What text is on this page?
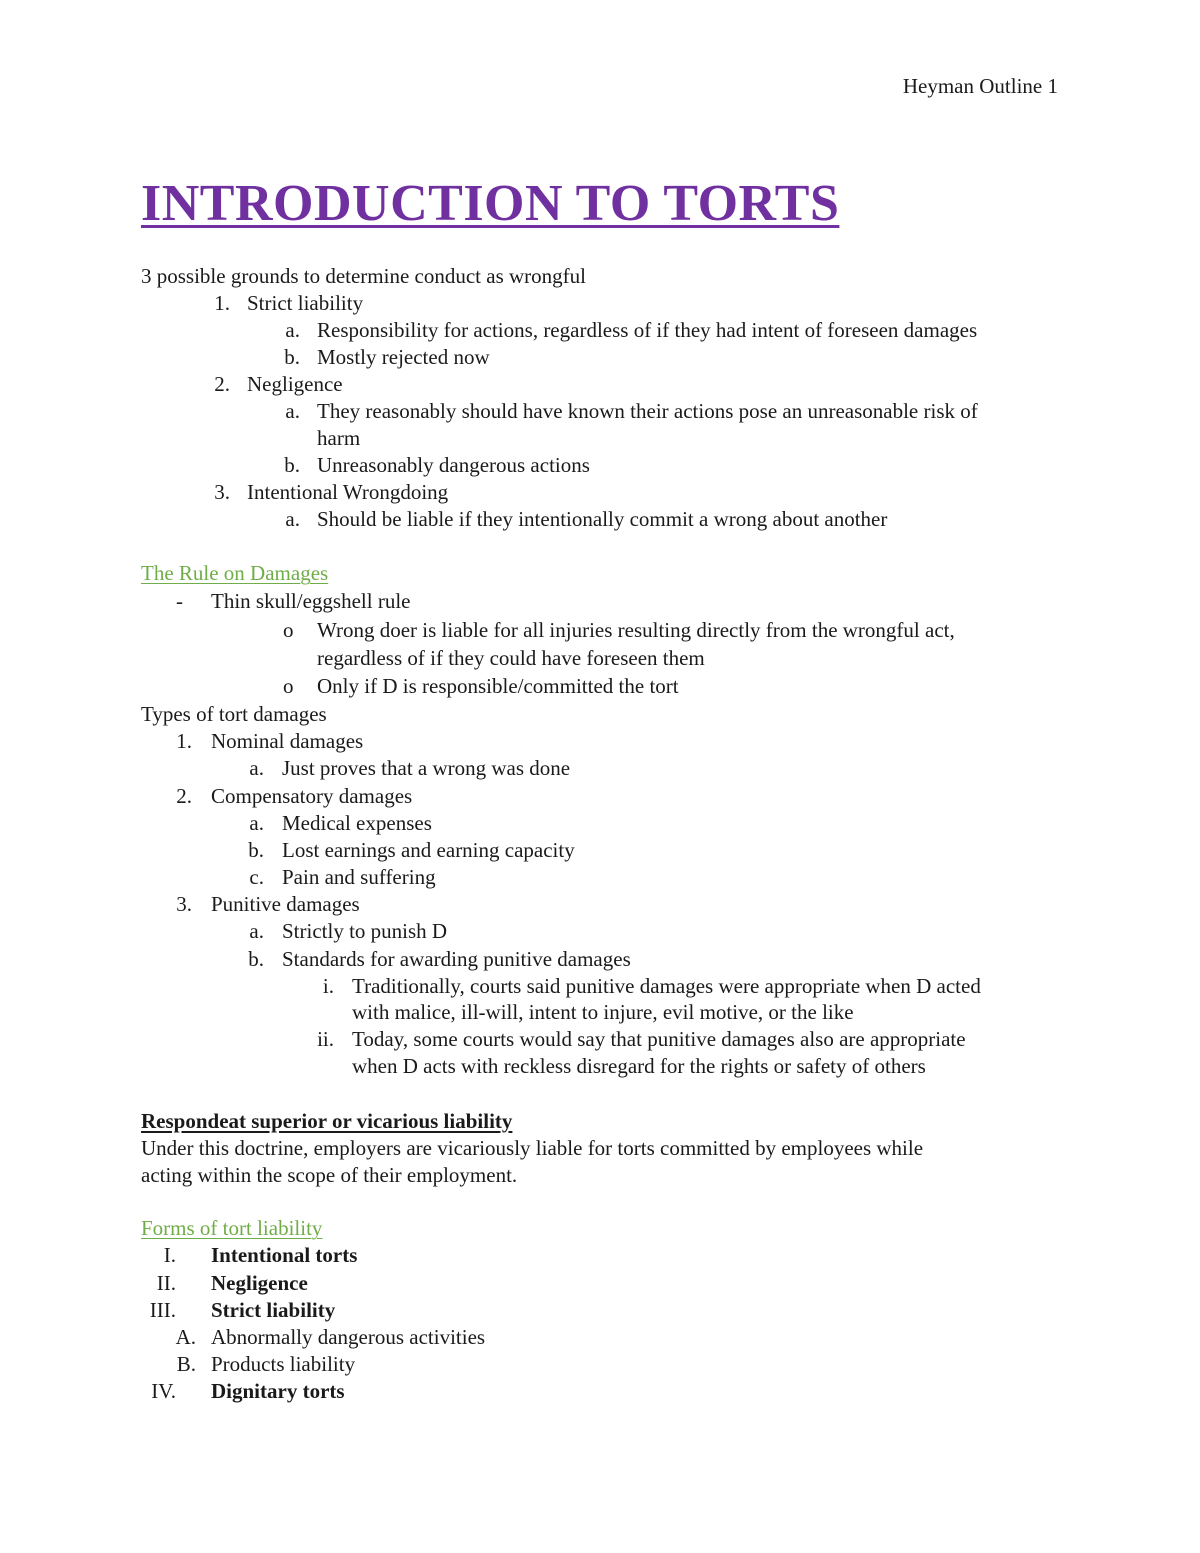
Heyman Outline 1
INTRODUCTION TO TORTS
3 possible grounds to determine conduct as wrongful
1. Strict liability
a. Responsibility for actions, regardless of if they had intent of foreseen damages
b. Mostly rejected now
2. Negligence
a. They reasonably should have known their actions pose an unreasonable risk of
harm
b. Unreasonably dangerous actions
3. Intentional Wrongdoing
a. Should be liable if they intentionally commit a wrong about another
The Rule on Damages
- Thin skull/eggshell rule
o Wrong doer is liable for all injuries resulting directly from the wrongful act,
regardless of if they could have foreseen them
o Only if D is responsible/committed the tort
Types of tort damages
1. Nominal damages
a. Just proves that a wrong was done
2. Compensatory damages
a. Medical expenses
b. Lost earnings and earning capacity
c. Pain and suffering
3. Punitive damages
a. Strictly to punish D
b. Standards for awarding punitive damages
i. Traditionally, courts said punitive damages were appropriate when D acted
with malice, ill-will, intent to injure, evil motive, or the like
ii. Today, some courts would say that punitive damages also are appropriate
when D acts with reckless disregard for the rights or safety of others
Respondeat superior or vicarious liability
Under this doctrine, employers are vicariously liable for torts committed by employees while
acting within the scope of their employment.
Forms of tort liability
I. Intentional torts
II. Negligence
III. Strict liability
A. Abnormally dangerous activities
B. Products liability
IV. Dignitary torts
